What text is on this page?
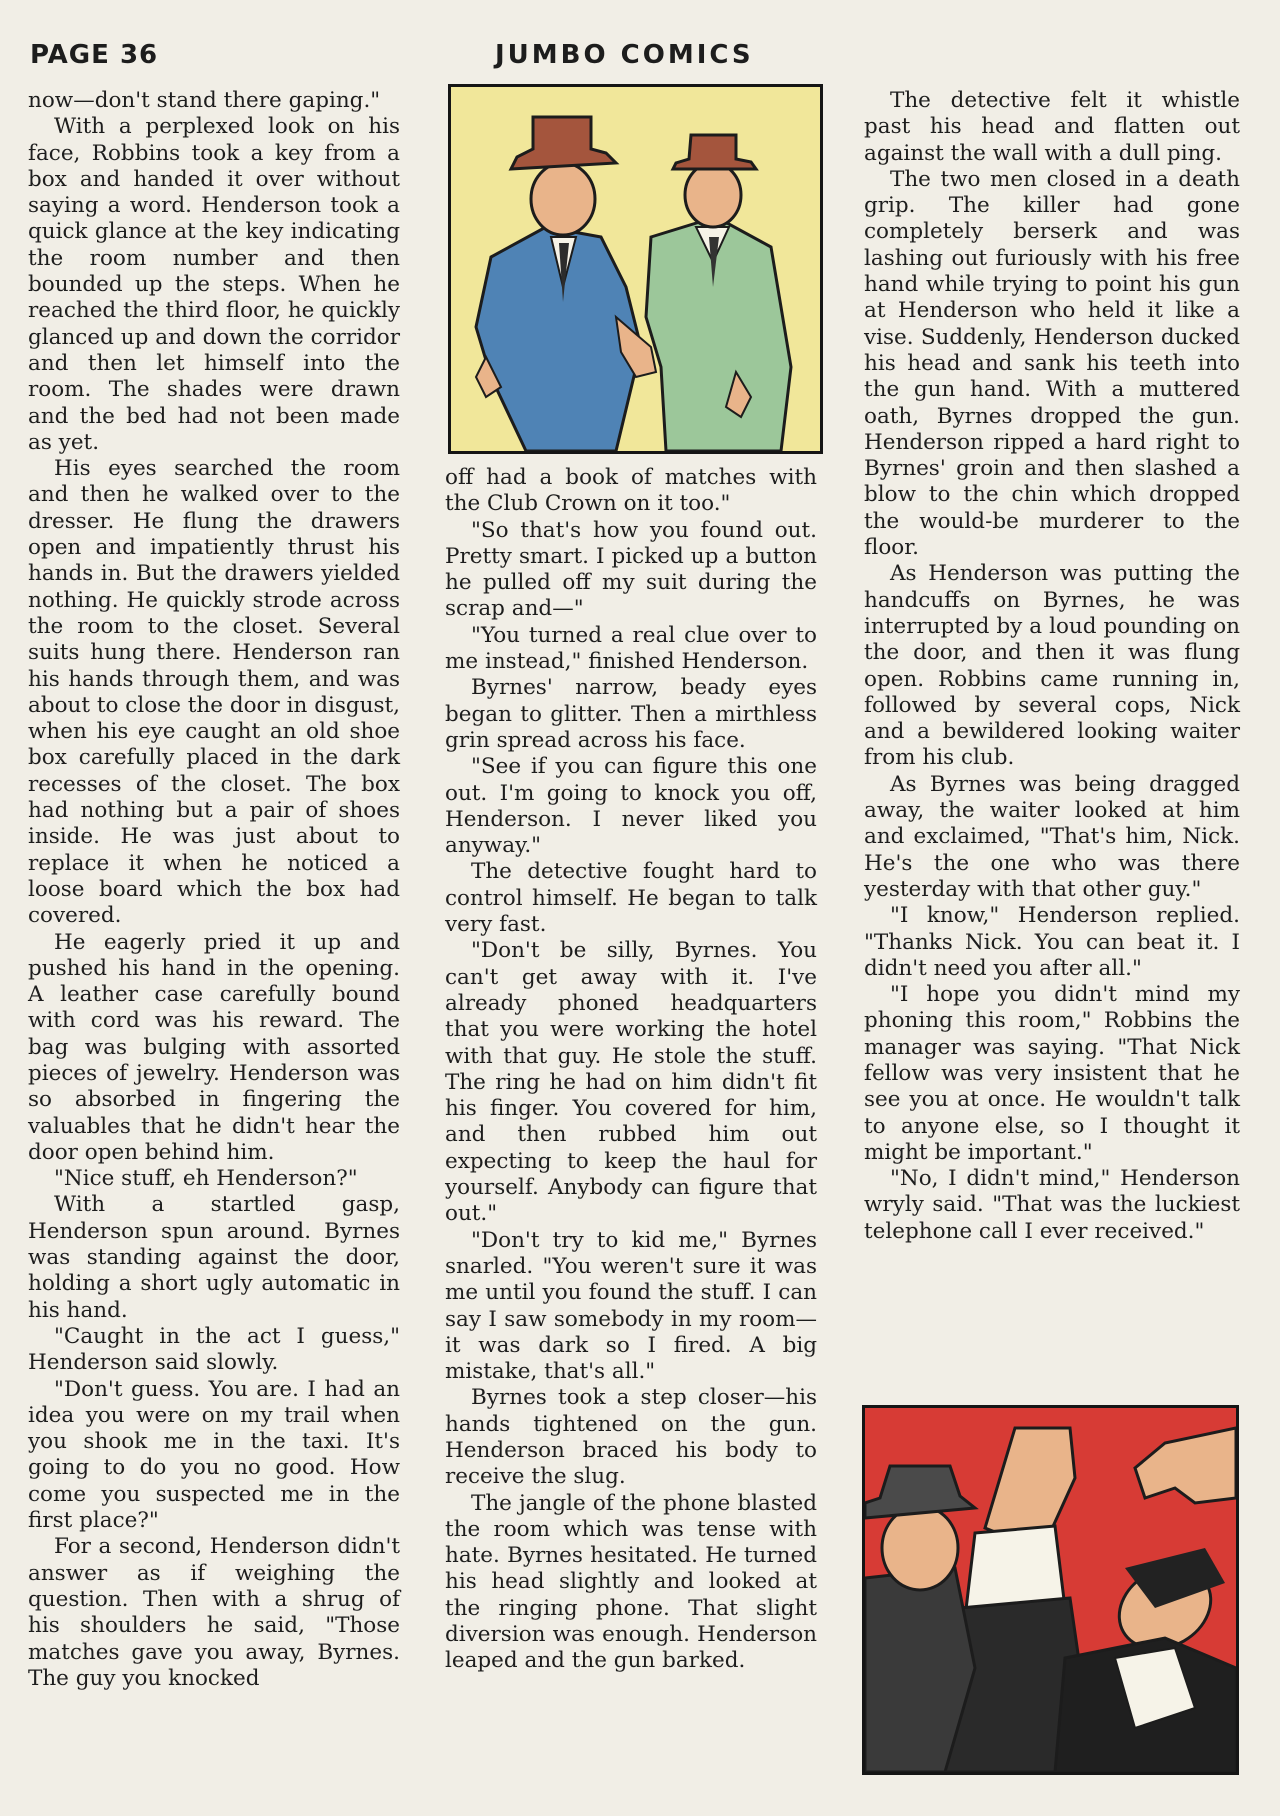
PAGE 36	JUMBO COMICS

now—don't stand there gaping."

With a perplexed look on his face, Robbins took a key from a box and handed it over without saying a word. Henderson took a quick glance at the key indicating the room number and then bounded up the steps. When he reached the third floor, he quickly glanced up and down the corridor and then let himself into the room. The shades were drawn and the bed had not been made as yet.

His eyes searched the room and then he walked over to the dresser. He flung the drawers open and impatiently thrust his hands in. But the drawers yielded nothing. He quickly strode across the room to the closet. Several suits hung there. Henderson ran his hands through them, and was about to close the door in disgust, when his eye caught an old shoe box carefully placed in the dark recesses of the closet. The box had nothing but a pair of shoes inside. He was just about to replace it when he noticed a loose board which the box had covered.

He eagerly pried it up and pushed his hand in the opening. A leather case carefully bound with cord was his reward. The bag was bulging with assorted pieces of jewelry. Henderson was so absorbed in fingering the valuables that he didn't hear the door open behind him.

"Nice stuff, eh Henderson?"

With a startled gasp, Henderson spun around. Byrnes was standing against the door, holding a short ugly automatic in his hand.

"Caught in the act I guess," Henderson said slowly.

"Don't guess. You are. I had an idea you were on my trail when you shook me in the taxi. It's going to do you no good. How come you suspected me in the first place?"

For a second, Henderson didn't answer as if weighing the question. Then with a shrug of his shoulders he said, "Those matches gave you away, Byrnes. The guy you knocked

off had a book of matches with the Club Crown on it too."

"So that's how you found out. Pretty smart. I picked up a button he pulled off my suit during the scrap and—"

"You turned a real clue over to me instead," finished Henderson.

Byrnes' narrow, beady eyes began to glitter. Then a mirthless grin spread across his face.

"See if you can figure this one out. I'm going to knock you off, Henderson. I never liked you anyway."

The detective fought hard to control himself. He began to talk very fast.

"Don't be silly, Byrnes. You can't get away with it. I've already phoned headquarters that you were working the hotel with that guy. He stole the stuff. The ring he had on him didn't fit his finger. You covered for him, and then rubbed him out expecting to keep the haul for yourself. Anybody can figure that out."

"Don't try to kid me," Byrnes snarled. "You weren't sure it was me until you found the stuff. I can say I saw somebody in my room—it was dark so I fired. A big mistake, that's all."

Byrnes took a step closer—his hands tightened on the gun. Henderson braced his body to receive the slug.

The jangle of the phone blasted the room which was tense with hate. Byrnes hesitated. He turned his head slightly and looked at the ringing phone. That slight diversion was enough. Henderson leaped and the gun barked.

The detective felt it whistle past his head and flatten out against the wall with a dull ping.

The two men closed in a death grip. The killer had gone completely berserk and was lashing out furiously with his free hand while trying to point his gun at Henderson who held it like a vise. Suddenly, Henderson ducked his head and sank his teeth into the gun hand. With a muttered oath, Byrnes dropped the gun. Henderson ripped a hard right to Byrnes' groin and then slashed a blow to the chin which dropped the would-be murderer to the floor.

As Henderson was putting the handcuffs on Byrnes, he was interrupted by a loud pounding on the door, and then it was flung open. Robbins came running in, followed by several cops, Nick and a bewildered looking waiter from his club.

As Byrnes was being dragged away, the waiter looked at him and exclaimed, "That's him, Nick. He's the one who was there yesterday with that other guy."

"I know," Henderson replied. "Thanks Nick. You can beat it. I didn't need you after all."

"I hope you didn't mind my phoning this room," Robbins the manager was saying. "That Nick fellow was very insistent that he see you at once. He wouldn't talk to anyone else, so I thought it might be important."

"No, I didn't mind," Henderson wryly said. "That was the luckiest telephone call I ever received."
